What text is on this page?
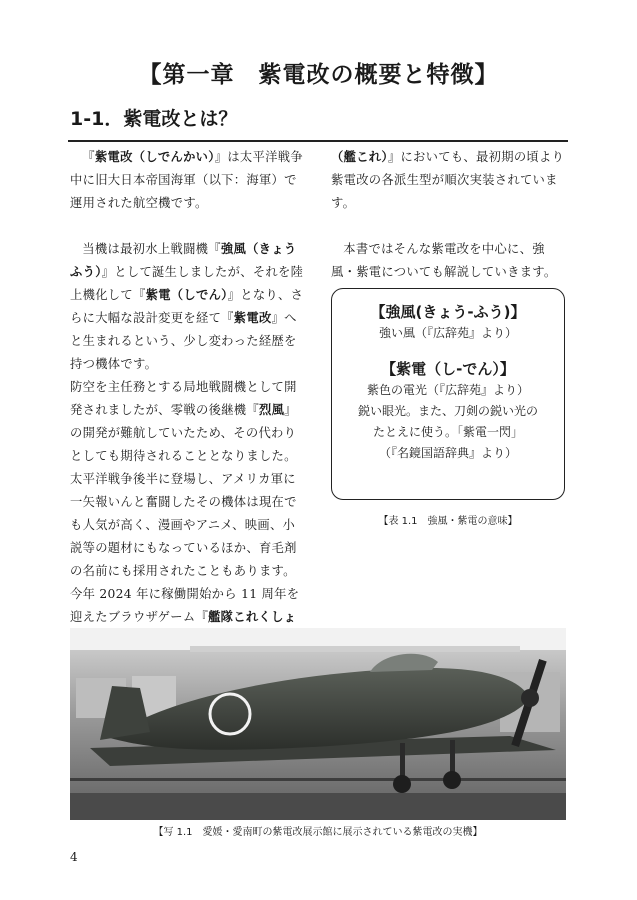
【第一章　紫電改の概要と特徴】
1-1．紫電改とは？

『紫電改（しでんかい）』は太平洋戦争中に旧大日本帝国海軍（以下：海軍）で運用された航空機です。

当機は最初水上戦闘機『強風（きょうふう）』として誕生しましたが、それを陸上機化して『紫電（しでん）』となり、さらに大幅な設計変更を経て『紫電改』へと生まれるという、少し変わった経歴を持つ機体です。

防空を主任務とする局地戦闘機として開発されましたが、零戦の後継機『烈風』の開発が難航していたため、その代わりとしても期待されることとなりました。

太平洋戦争後半に登場し、アメリカ軍に一矢報いんと奮闘したその機体は現在でも人気が高く、漫画やアニメ、映画、小説等の題材にもなっているほか、育毛剤の名前にも採用されたこともあります。

今年 2024 年に稼働開始から 11 周年を迎えたブラウザゲーム『艦隊これくしょ

（艦これ）』においても、最初期の頃より紫電改の各派生型が順次実装されています。

本書ではそんな紫電改を中心に、強風・紫電についても解説していきます。

【強風(きょう‐ふう)】
強い風（『広辞苑』より）
【紫電（し‐でん）】
紫色の電光（『広辞苑』より）
鋭い眼光。また、刀剣の鋭い光の
たとえに使う。「紫電一閃」
（『名鏡国語辞典』より）
【表 1.1　強風・紫電の意味】
【写 1.1　愛媛・愛南町の紫電改展示館に展示されている紫電改の実機】
4
